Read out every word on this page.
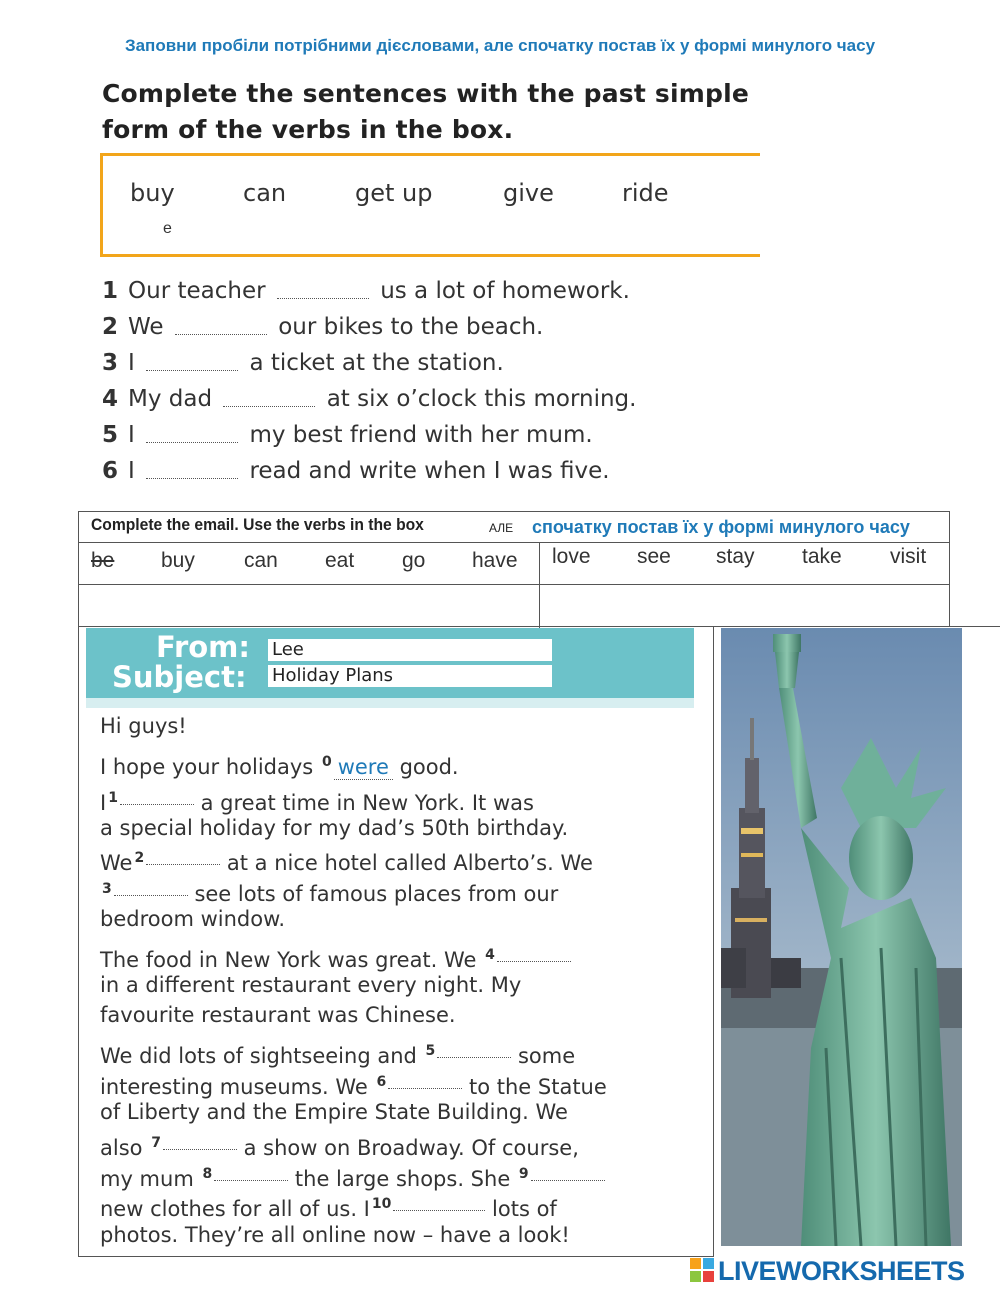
Заповни пробіли потрібними дієсловами, але спочатку постав їх у формі минулого часу
Complete the sentences with the past simple
form of the verbs in the box.
buy	can	get up	give	ride
e
1 Our teacher	us a lot of homework.
2 We	our bikes to the beach.
3 I	a ticket at the station.
4 My dad	at six o’clock this morning.
5 I	my best friend with her mum.
6 I	read and write when I was five.
Complete the email. Use the verbs in the box	АЛЕ спочатку постав їх у формі минулого часу
be buy can eat go have love see stay take visit
From: Lee
Subject: Holiday Plans
Hi guys!
I hope your holidays $^0$ were good.
I $^1$	a great time in New York. It was
a special holiday for my dad’s 50th birthday.
We $^2$	at a nice hotel called Alberto’s. We
$^3$	see lots of famous places from our
bedroom window.
The food in New York was great. We $^4$
in a different restaurant every night. My
favourite restaurant was Chinese.
We did lots of sightseeing and $^5$	some
interesting museums. We $^6$	to the Statue
of Liberty and the Empire State Building. We
also $^7$	a show on Broadway. Of course,
my mum $^8$	the large shops. She $^9$
new clothes for all of us. I $^{10}$	lots of
photos. They’re all online now – have a look!
LIVEWORKSHEETS
